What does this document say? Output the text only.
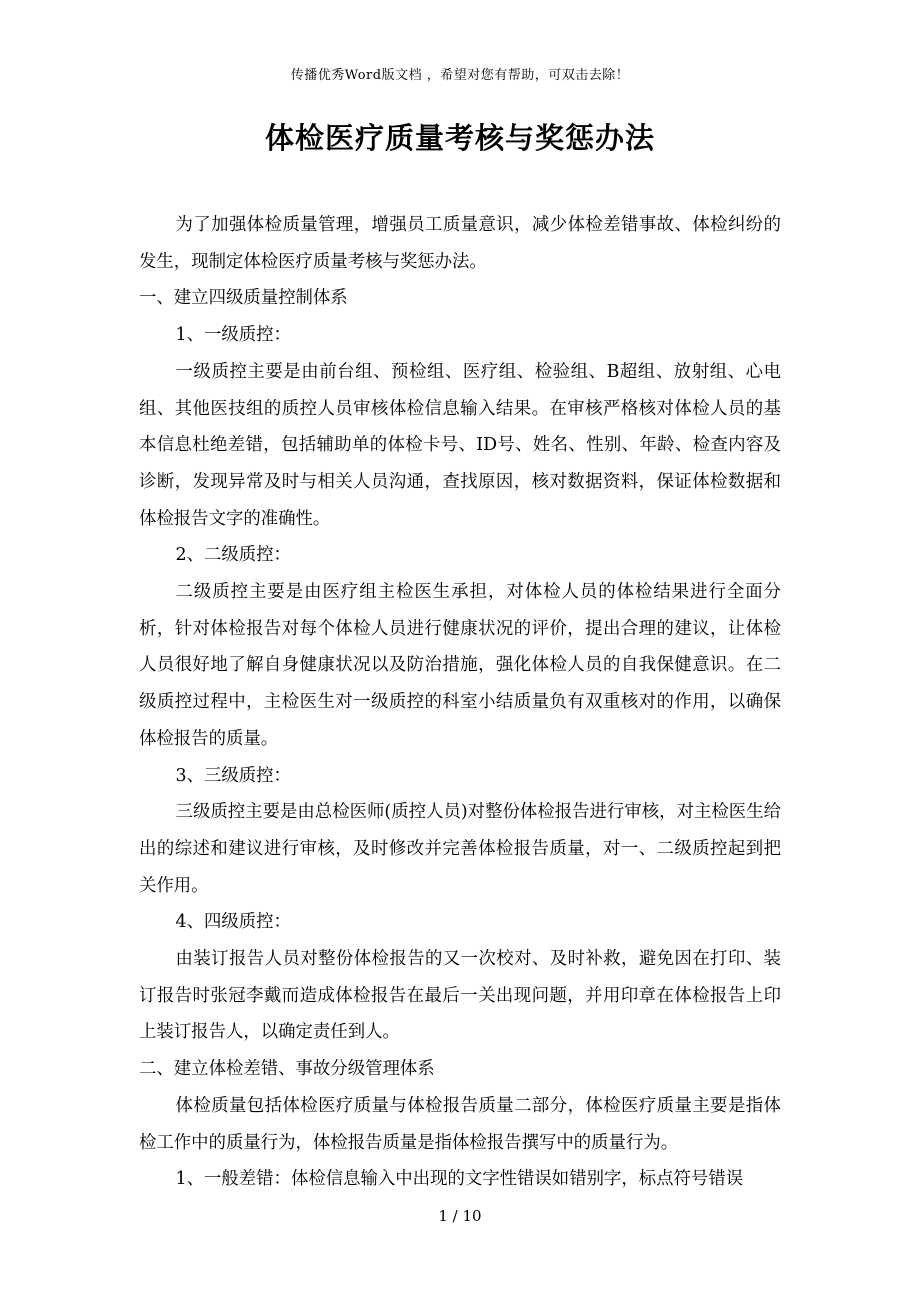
传播优秀Word版文档 ，希望对您有帮助，可双击去除！
体检医疗质量考核与奖惩办法

为了加强体检质量管理，增强员工质量意识，减少体检差错事故、体检纠纷的发生，现制定体检医疗质量考核与奖惩办法。

一、建立四级质量控制体系

1、一级质控：

一级质控主要是由前台组、预检组、医疗组、检验组、B超组、放射组、心电组、其他医技组的质控人员审核体检信息输入结果。在审核严格核对体检人员的基本信息杜绝差错，包括辅助单的体检卡号、ID号、姓名、性别、年龄、检查内容及诊断，发现异常及时与相关人员沟通，查找原因，核对数据资料，保证体检数据和体检报告文字的准确性。

2、二级质控：

二级质控主要是由医疗组主检医生承担，对体检人员的体检结果进行全面分析，针对体检报告对每个体检人员进行健康状况的评价，提出合理的建议，让体检人员很好地了解自身健康状况以及防治措施，强化体检人员的自我保健意识。在二级质控过程中，主检医生对一级质控的科室小结质量负有双重核对的作用，以确保体检报告的质量。

3、三级质控：

三级质控主要是由总检医师(质控人员)对整份体检报告进行审核，对主检医生给出的综述和建议进行审核，及时修改并完善体检报告质量，对一、二级质控起到把关作用。

4、四级质控：

由装订报告人员对整份体检报告的又一次校对、及时补救，避免因在打印、装订报告时张冠李戴而造成体检报告在最后一关出现问题，并用印章在体检报告上印上装订报告人，以确定责任到人。

二、建立体检差错、事故分级管理体系

体检质量包括体检医疗质量与体检报告质量二部分，体检医疗质量主要是指体检工作中的质量行为，体检报告质量是指体检报告撰写中的质量行为。

1、一般差错：体检信息输入中出现的文字性错误如错别字，标点符号错误

1 / 10
